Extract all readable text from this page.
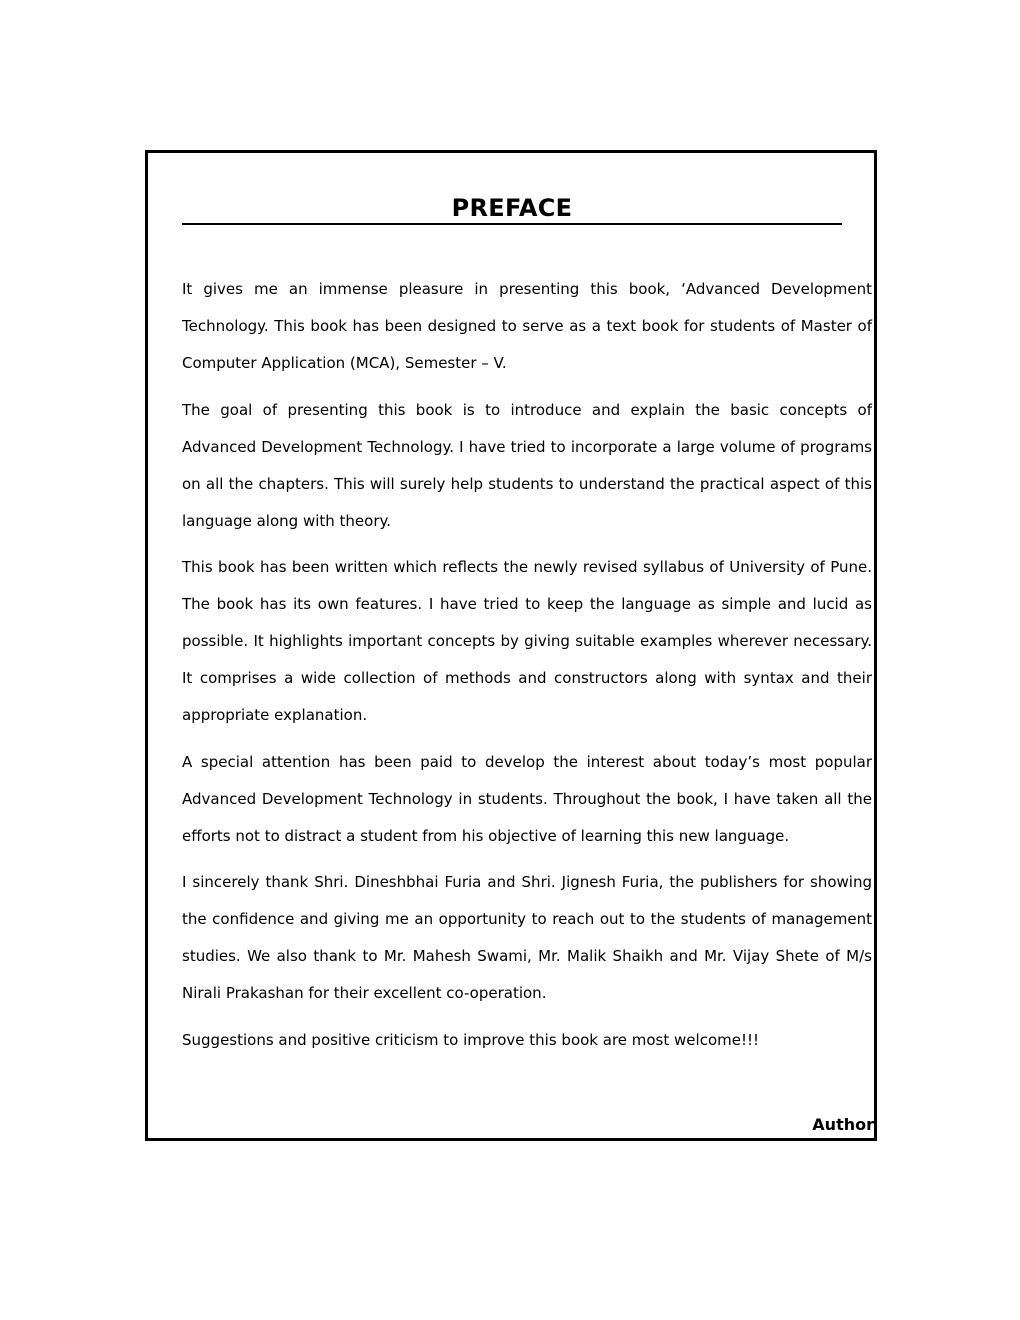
PREFACE

It gives me an immense pleasure in presenting this book, ‘Advanced Development Technology. This book has been designed to serve as a text book for students of Master of Computer Application (MCA), Semester – V.

The goal of presenting this book is to introduce and explain the basic concepts of Advanced Development Technology. I have tried to incorporate a large volume of programs on all the chapters. This will surely help students to understand the practical aspect of this language along with theory.

This book has been written which reflects the newly revised syllabus of University of Pune. The book has its own features. I have tried to keep the language as simple and lucid as possible. It highlights important concepts by giving suitable examples wherever necessary. It comprises a wide collection of methods and constructors along with syntax and their appropriate explanation.

A special attention has been paid to develop the interest about today’s most popular Advanced Development Technology in students. Throughout the book, I have taken all the efforts not to distract a student from his objective of learning this new language.

I sincerely thank Shri. Dineshbhai Furia and Shri. Jignesh Furia, the publishers for showing the confidence and giving me an opportunity to reach out to the students of management studies. We also thank to Mr. Mahesh Swami, Mr. Malik Shaikh and Mr. Vijay Shete of M/s Nirali Prakashan for their excellent co-operation.

Suggestions and positive criticism to improve this book are most welcome!!!

Author
